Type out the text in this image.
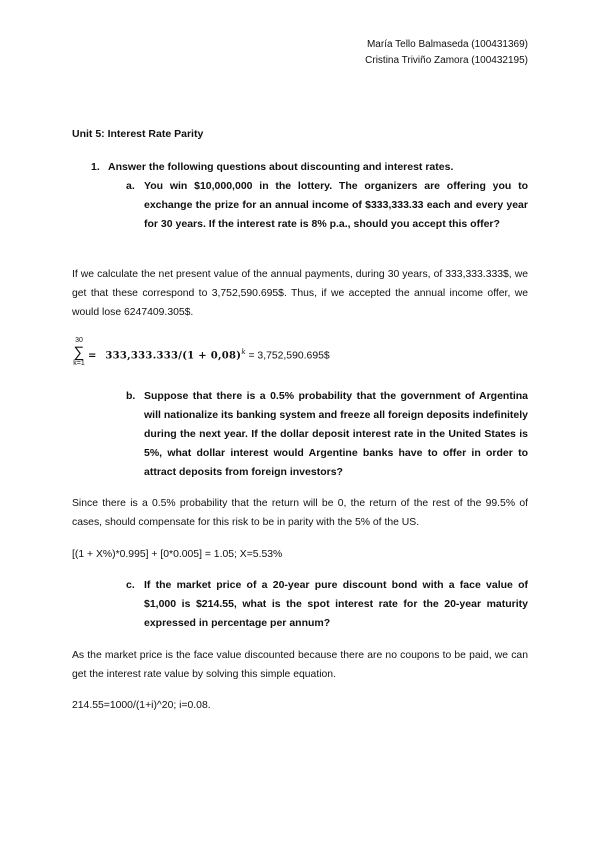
María Tello Balmaseda (100431369)
Cristina Triviño Zamora (100432195)
Unit 5: Interest Rate Parity
1. Answer the following questions about discounting and interest rates.
a. You win $10,000,000 in the lottery. The organizers are offering you to exchange the prize for an annual income of $333,333.33 each and every year for 30 years. If the interest rate is 8% p.a., should you accept this offer?
If we calculate the net present value of the annual payments, during 30 years, of 333,333.333$, we get that these correspond to 3,752,590.695$. Thus, if we accepted the annual income offer, we would lose 6247409.305$.
30
∑
k=1
= $333,333.333/(1 + 0,08)^k$ = 3,752,590.695$
b. Suppose that there is a 0.5% probability that the government of Argentina will nationalize its banking system and freeze all foreign deposits indefinitely during the next year. If the dollar deposit interest rate in the United States is 5%, what dollar interest would Argentine banks have to offer in order to attract deposits from foreign investors?
Since there is a 0.5% probability that the return will be 0, the return of the rest of the 99.5% of cases, should compensate for this risk to be in parity with the 5% of the US.
[(1 + X%)*0.995] + [0*0.005] = 1.05; X=5.53%
c. If the market price of a 20-year pure discount bond with a face value of $1,000 is $214.55, what is the spot interest rate for the 20-year maturity expressed in percentage per annum?
As the market price is the face value discounted because there are no coupons to be paid, we can get the interest rate value by solving this simple equation.
214.55=1000/(1+i)^20; i=0.08.
